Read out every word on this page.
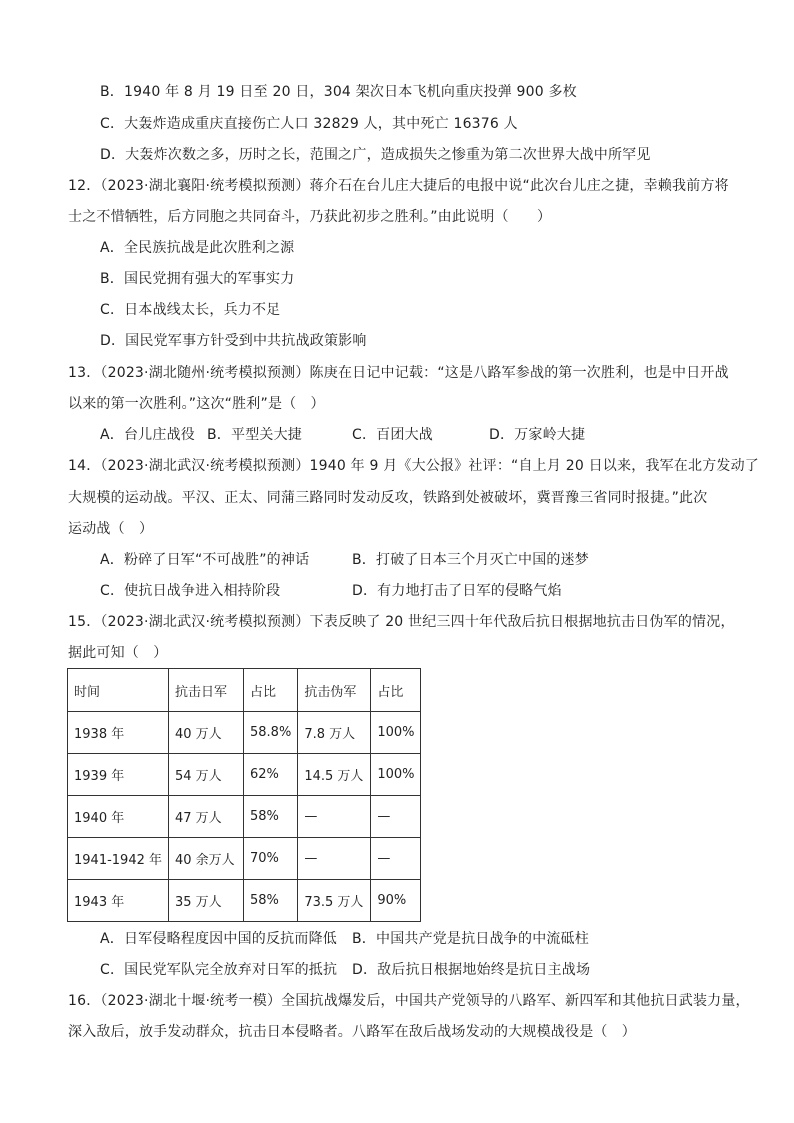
B．1940 年 8 月 19 日至 20 日，304 架次日本飞机向重庆投弹 900 多枚
C．大轰炸造成重庆直接伤亡人口 32829 人，其中死亡 16376 人
D．大轰炸次数之多，历时之长，范围之广，造成损失之惨重为第二次世界大战中所罕见
12．（2023·湖北襄阳·统考模拟预测）蒋介石在台儿庄大捷后的电报中说“此次台儿庄之捷，幸赖我前方将
士之不惜牺牲，后方同胞之共同奋斗，乃获此初步之胜利。”由此说明（　　）
A．全民族抗战是此次胜利之源
B．国民党拥有强大的军事实力
C．日本战线太长，兵力不足
D．国民党军事方针受到中共抗战政策影响
13．（2023·湖北随州·统考模拟预测）陈庚在日记中记载：“这是八路军参战的第一次胜利，也是中日开战
以来的第一次胜利。”这次“胜利”是（　）
A．台儿庄战役 B．平型关大捷	C．百团大战	D．万家岭大捷
14．（2023·湖北武汉·统考模拟预测）1940 年 9 月《大公报》社评：“自上月 20 日以来，我军在北方发动了
大规模的运动战。平汉、正太、同蒲三路同时发动反攻，铁路到处被破坏，冀晋豫三省同时报捷。”此次
运动战（　）
A．粉碎了日军“不可战胜”的神话	B．打破了日本三个月灭亡中国的迷梦
C．使抗日战争进入相持阶段	D．有力地打击了日军的侵略气焰
15．（2023·湖北武汉·统考模拟预测）下表反映了 20 世纪三四十年代敌后抗日根据地抗击日伪军的情况，
据此可知（　）
时间	抗击日军	占比	抗击伪军	占比
1938 年	40 万人	58.8%	7.8 万人	100%
1939 年	54 万人	62%	14.5 万人	100%
1940 年	47 万人	58%	—	—
1941-1942 年	40 余万人	70%	—	—
1943 年	35 万人	58%	73.5 万人	90%
A．日军侵略程度因中国的反抗而降低 B．中国共产党是抗日战争的中流砥柱
C．国民党军队完全放弃对日军的抵抗 D．敌后抗日根据地始终是抗日主战场
16．（2023·湖北十堰·统考一模）全国抗战爆发后，中国共产党领导的八路军、新四军和其他抗日武装力量，
深入敌后，放手发动群众，抗击日本侵略者。八路军在敌后战场发动的大规模战役是（　）
